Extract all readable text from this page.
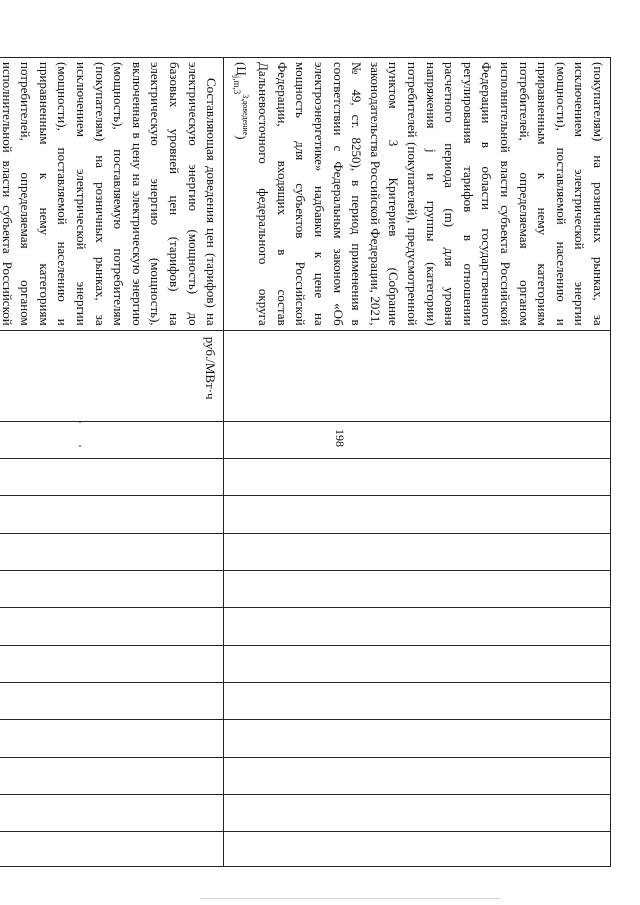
198
(покупателям) на розничных рынках, за исключением электрической энергии (мощности), поставляемой населению и приравненным к нему категориям потребителей, определяемая органом исполнительной власти субъекта Российской Федерации в области государственного регулирования тарифов в отношении расчетного периода (m) для уровня напряжения j и группы (категории) потребителей (покупателей), предусмотренной пунктом 3 Критериев (Собрание законодательства Российской Федерации, 2021, № 49, ст. 8250), в период применения в соответствии с Федеральным законом «Об электроэнергетике» надбавки к цене на мощность для субъектов Российской Федерации, входящих в состав Дальневосточного федерального округа $(Ц_{j,m,3}^{3,доведение})$													

Составляющая доведения цен (тарифов) на электрическую энергию (мощность) до базовых уровней цен (тарифов) на электрическую энергию (мощность), включенная в цену на электрическую энергию (мощность), поставляемую потребителям (покупателям) на розничных рынках, за исключением электрической энергии (мощности), поставляемой населению и приравненным к нему категориям потребителей, определяемая органом исполнительной власти субъекта Российской	руб./МВт·ч												
